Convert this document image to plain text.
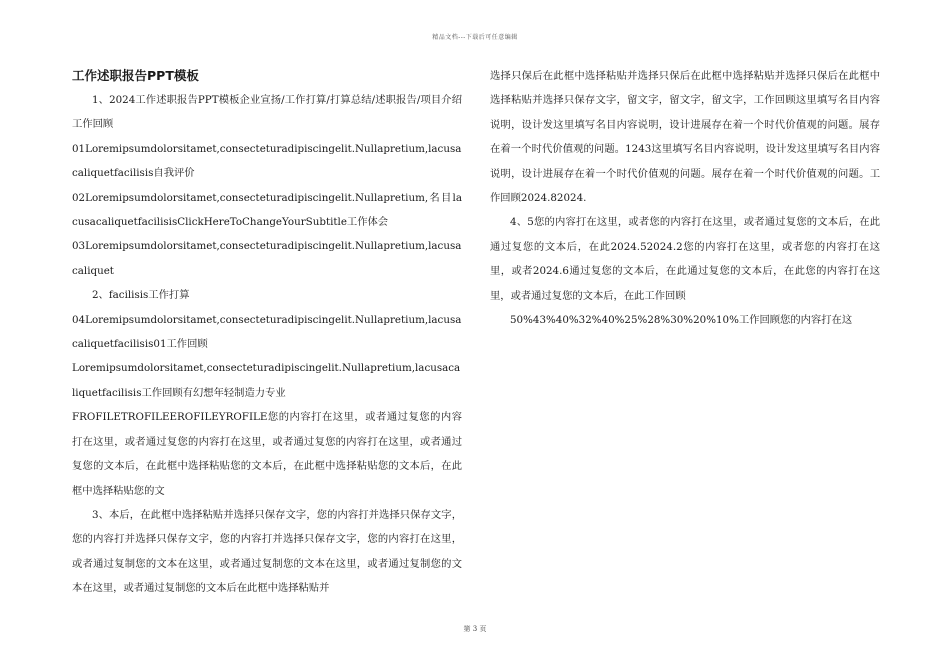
精品文档---下载后可任意编辑

工作述职报告PPT模板

1、2024工作述职报告PPT模板企业宣扬/工作打算/打算总结/述职报告/项目介绍工作回顾

01Loremipsumdolorsitamet,consecteturadipiscingelit.Nullapretium,lacusacaliquetfacilisis自我评价

02Loremipsumdolorsitamet,consecteturadipiscingelit.Nullapretium,名目lacusacaliquetfacilisisClickHereToChangeYourSubtitle工作体会

03Loremipsumdolorsitamet,consecteturadipiscingelit.Nullapretium,lacusacaliquet

2、facilisis工作打算

04Loremipsumdolorsitamet,consecteturadipiscingelit.Nullapretium,lacusacaliquetfacilisis01工作回顾

Loremipsumdolorsitamet,consecteturadipiscingelit.Nullapretium,lacusacaliquetfacilisis工作回顾有幻想年轻制造力专业

FROFILETROFILEEROFILEYROFILE您的内容打在这里，或者通过复您的内容打在这里，或者通过复您的内容打在这里，或者通过复您的内容打在这里，或者通过复您的文本后，在此框中选择粘贴您的文本后，在此框中选择粘贴您的文本后，在此框中选择粘贴您的文

3、本后，在此框中选择粘贴并选择只保存文字，您的内容打并选择只保存文字，您的内容打并选择只保存文字，您的内容打并选择只保存文字，您的内容打在这里，或者通过复制您的文本在这里，或者通过复制您的文本在这里，或者通过复制您的文本在这里，或者通过复制您的文本后在此框中选择粘贴并

选择只保后在此框中选择粘贴并选择只保后在此框中选择粘贴并选择只保后在此框中选择粘贴并选择只保存文字，留文字，留文字，留文字，工作回顾这里填写名目内容说明，设计发这里填写名目内容说明，设计进展存在着一个时代价值观的问题。展存在着一个时代价值观的问题。1243这里填写名目内容说明，设计发这里填写名目内容说明，设计进展存在着一个时代价值观的问题。展存在着一个时代价值观的问题。工作回顾2024.82024.

4、5您的内容打在这里，或者您的内容打在这里，或者通过复您的文本后，在此通过复您的文本后，在此2024.52024.2您的内容打在这里，或者您的内容打在这里，或者2024.6通过复您的文本后，在此通过复您的文本后，在此您的内容打在这里，或者通过复您的文本后，在此工作回顾

50%43%40%32%40%25%28%30%20%10%工作回顾您的内容打在这

第 3 页
